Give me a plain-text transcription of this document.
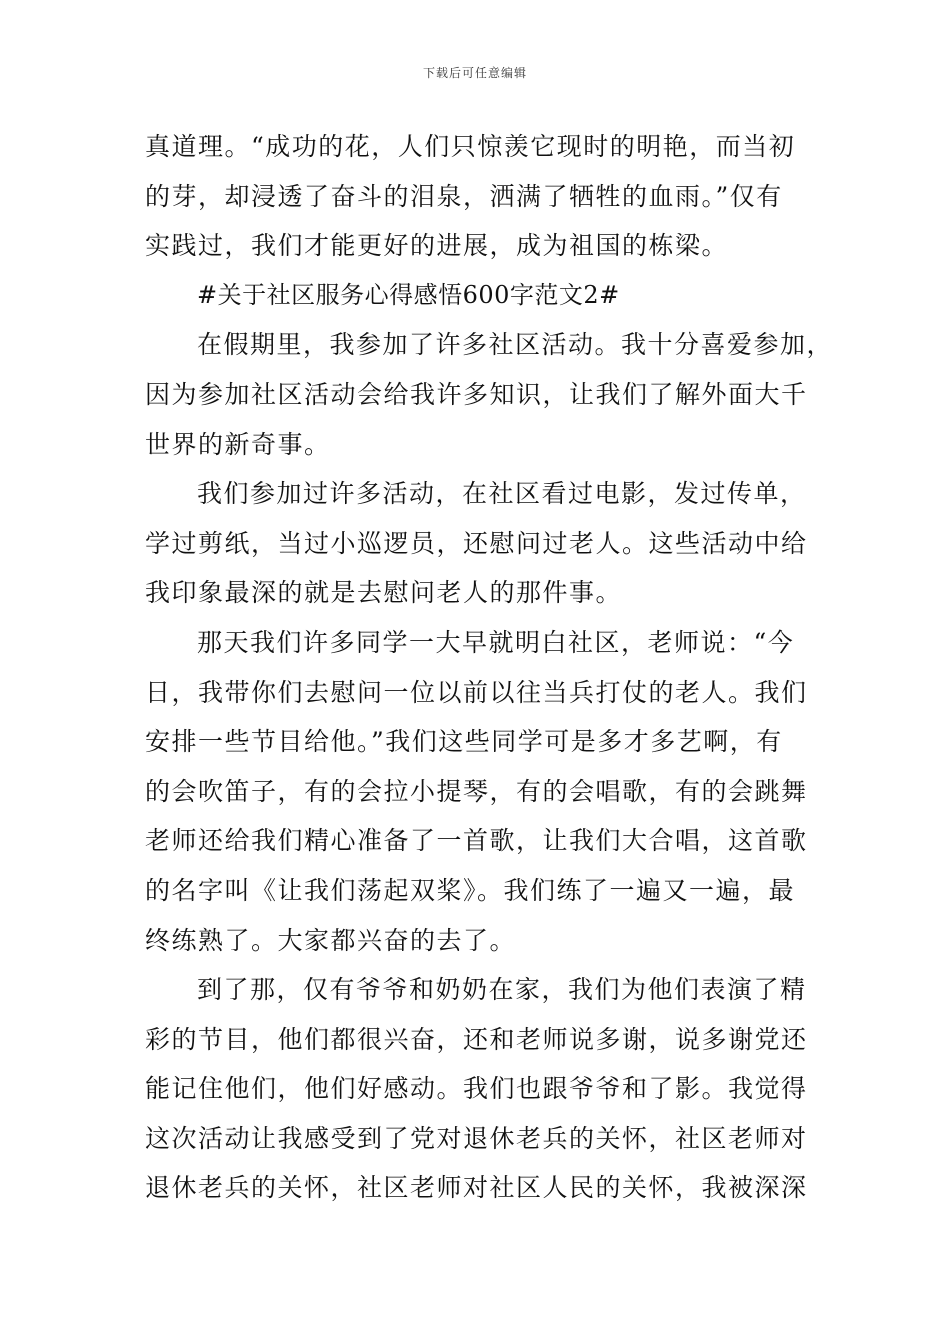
下载后可任意编辑
真道理。“成功的花，人们只惊羡它现时的明艳，而当初
的芽，却浸透了奋斗的泪泉，洒满了牺牲的血雨。”仅有
实践过，我们才能更好的进展，成为祖国的栋梁。
#关于社区服务心得感悟600字范文2#
在假期里，我参加了许多社区活动。我十分喜爱参加，
因为参加社区活动会给我许多知识，让我们了解外面大千
世界的新奇事。
我们参加过许多活动，在社区看过电影，发过传单，
学过剪纸，当过小巡逻员，还慰问过老人。这些活动中给
我印象最深的就是去慰问老人的那件事。
那天我们许多同学一大早就明白社区，老师说：“今
日，我带你们去慰问一位以前以往当兵打仗的老人。我们
安排一些节目给他。”我们这些同学可是多才多艺啊，有
的会吹笛子，有的会拉小提琴，有的会唱歌，有的会跳舞
老师还给我们精心准备了一首歌，让我们大合唱，这首歌
的名字叫《让我们荡起双桨》。我们练了一遍又一遍，最
终练熟了。大家都兴奋的去了。
到了那，仅有爷爷和奶奶在家，我们为他们表演了精
彩的节目，他们都很兴奋，还和老师说多谢，说多谢党还
能记住他们，他们好感动。我们也跟爷爷和了影。我觉得
这次活动让我感受到了党对退休老兵的关怀，社区老师对
退休老兵的关怀，社区老师对社区人民的关怀，我被深深
